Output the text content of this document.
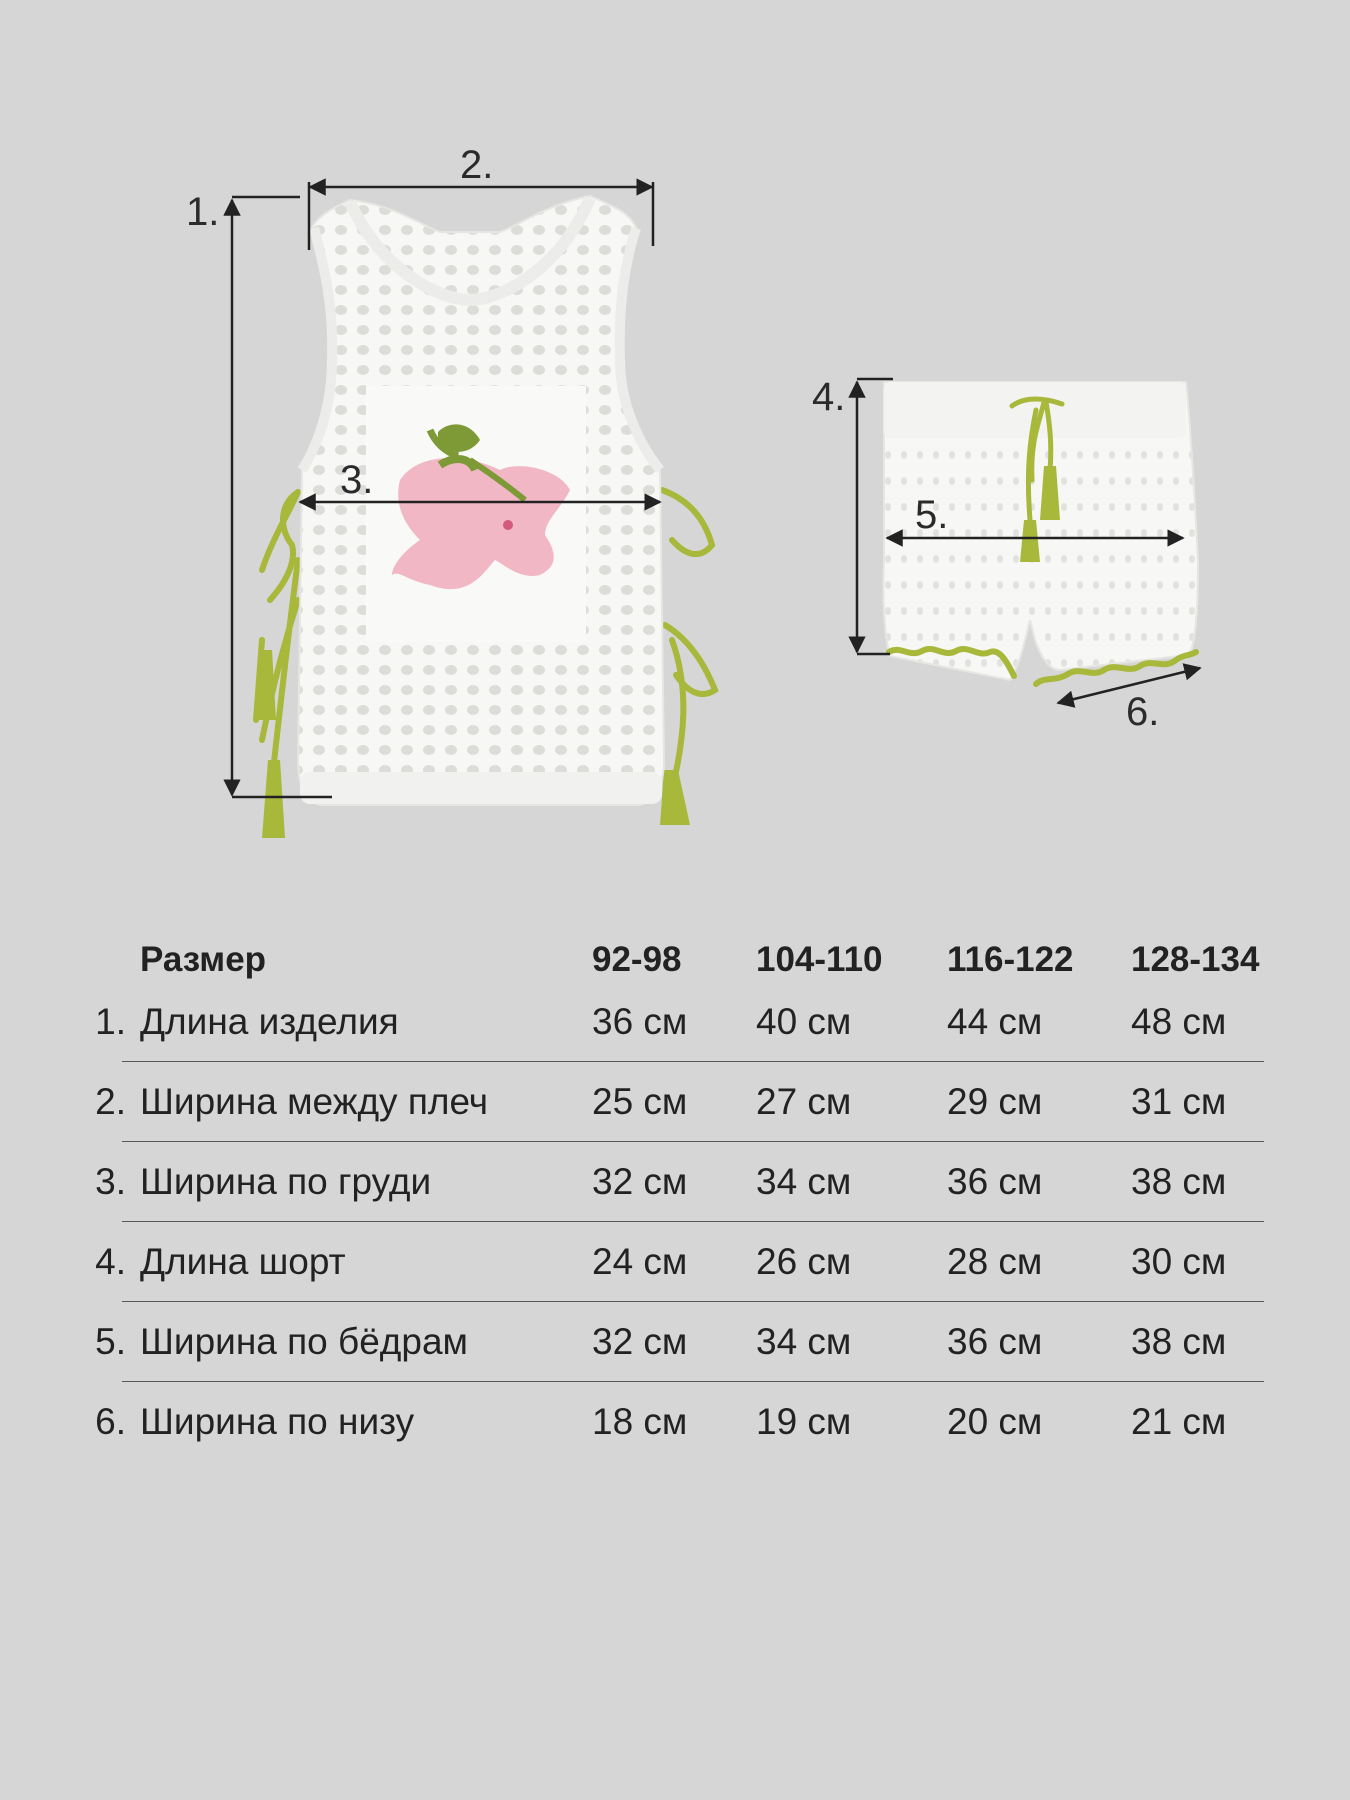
1.
2.
3.
4.
5.
6.
Размер	92-98 104-110 116-122 128-134
1. Длина изделия	36 см 40 см	44 см 48 см
2. Ширина между плеч	25 см 27 см	29 см 31 см
3. Ширина по груди	32 см 34 см	36 см 38 см
4. Длина шорт	24 см 26 см	28 см 30 см
5. Ширина по бёдрам	32 см 34 см	36 см 38 см
6. Ширина по низу	18 см 19 см	20 см 21 см
